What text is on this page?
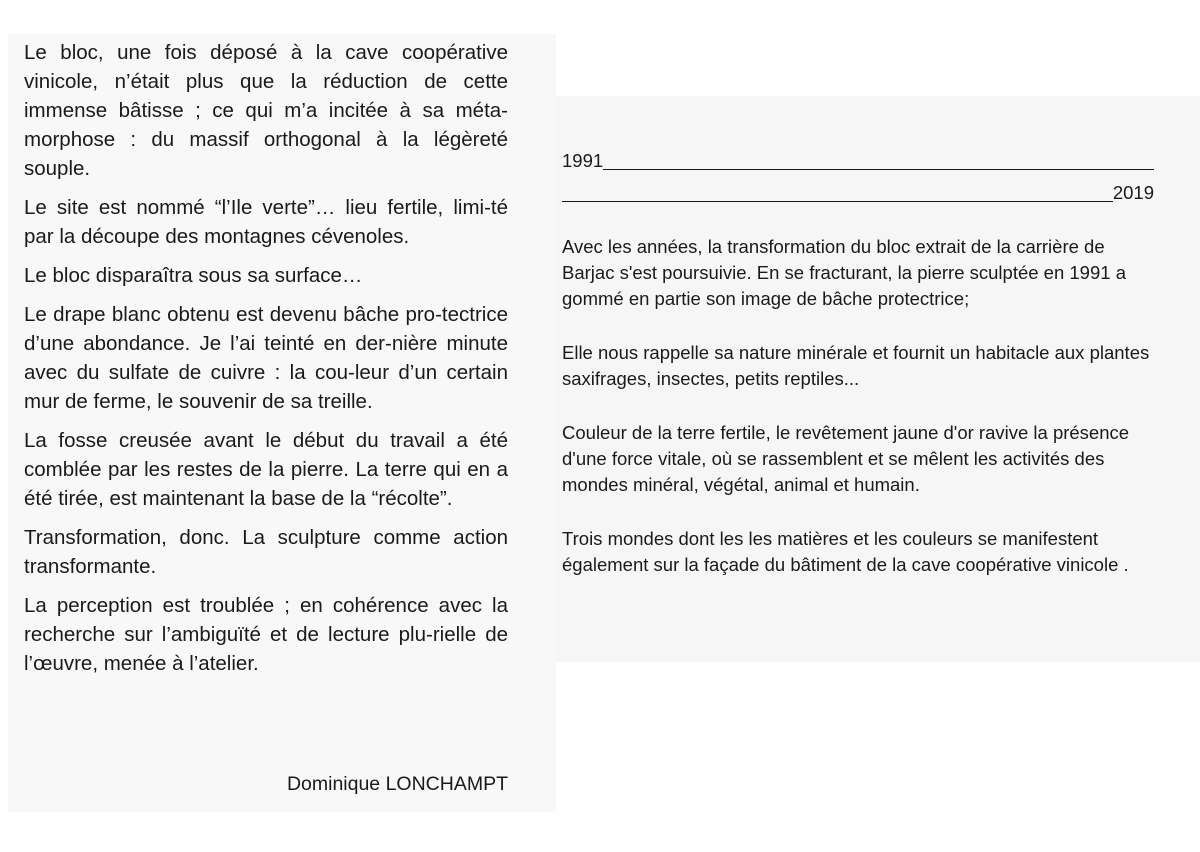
Le bloc, une fois déposé à la cave coopérative vinicole, n’était plus que la réduction de cette immense bâtisse ; ce qui m’a incitée à sa méta-morphose : du massif orthogonal à la légèreté souple.

Le site est nommé “l’Ile verte”… lieu fertile, limi-té par la découpe des montagnes cévenoles.

Le bloc disparaîtra sous sa surface…

Le drape blanc obtenu est devenu bâche pro-tectrice d’une abondance. Je l’ai teinté en der-nière minute avec du sulfate de cuivre : la cou-leur d’un certain mur de ferme, le souvenir de sa treille.

La fosse creusée avant le début du travail a été comblée par les restes de la pierre. La terre qui en a été tirée, est maintenant la base de la “récolte”.

Transformation, donc. La sculpture comme action transformante.

La perception est troublée ; en cohérence avec la recherche sur l’ambiguïté et de lecture plu-rielle de l’œuvre, menée à l’atelier.

Dominique LONCHAMPT
1991
2019

Avec les années, la transformation du bloc extrait de la carrière de Barjac s'est poursuivie. En se fracturant, la pierre sculptée en 1991 a gommé en partie son image de bâche protectrice;

Elle nous rappelle sa nature minérale et fournit un habitacle aux plantes saxifrages, insectes, petits reptiles...

Couleur de la terre fertile, le revêtement jaune d'or ravive la présence d'une force vitale, où se rassemblent et se mêlent les activités des mondes minéral, végétal, animal et humain.

Trois mondes dont les les matières et les couleurs se manifestent également sur la façade du bâtiment de la cave coopérative vinicole .
